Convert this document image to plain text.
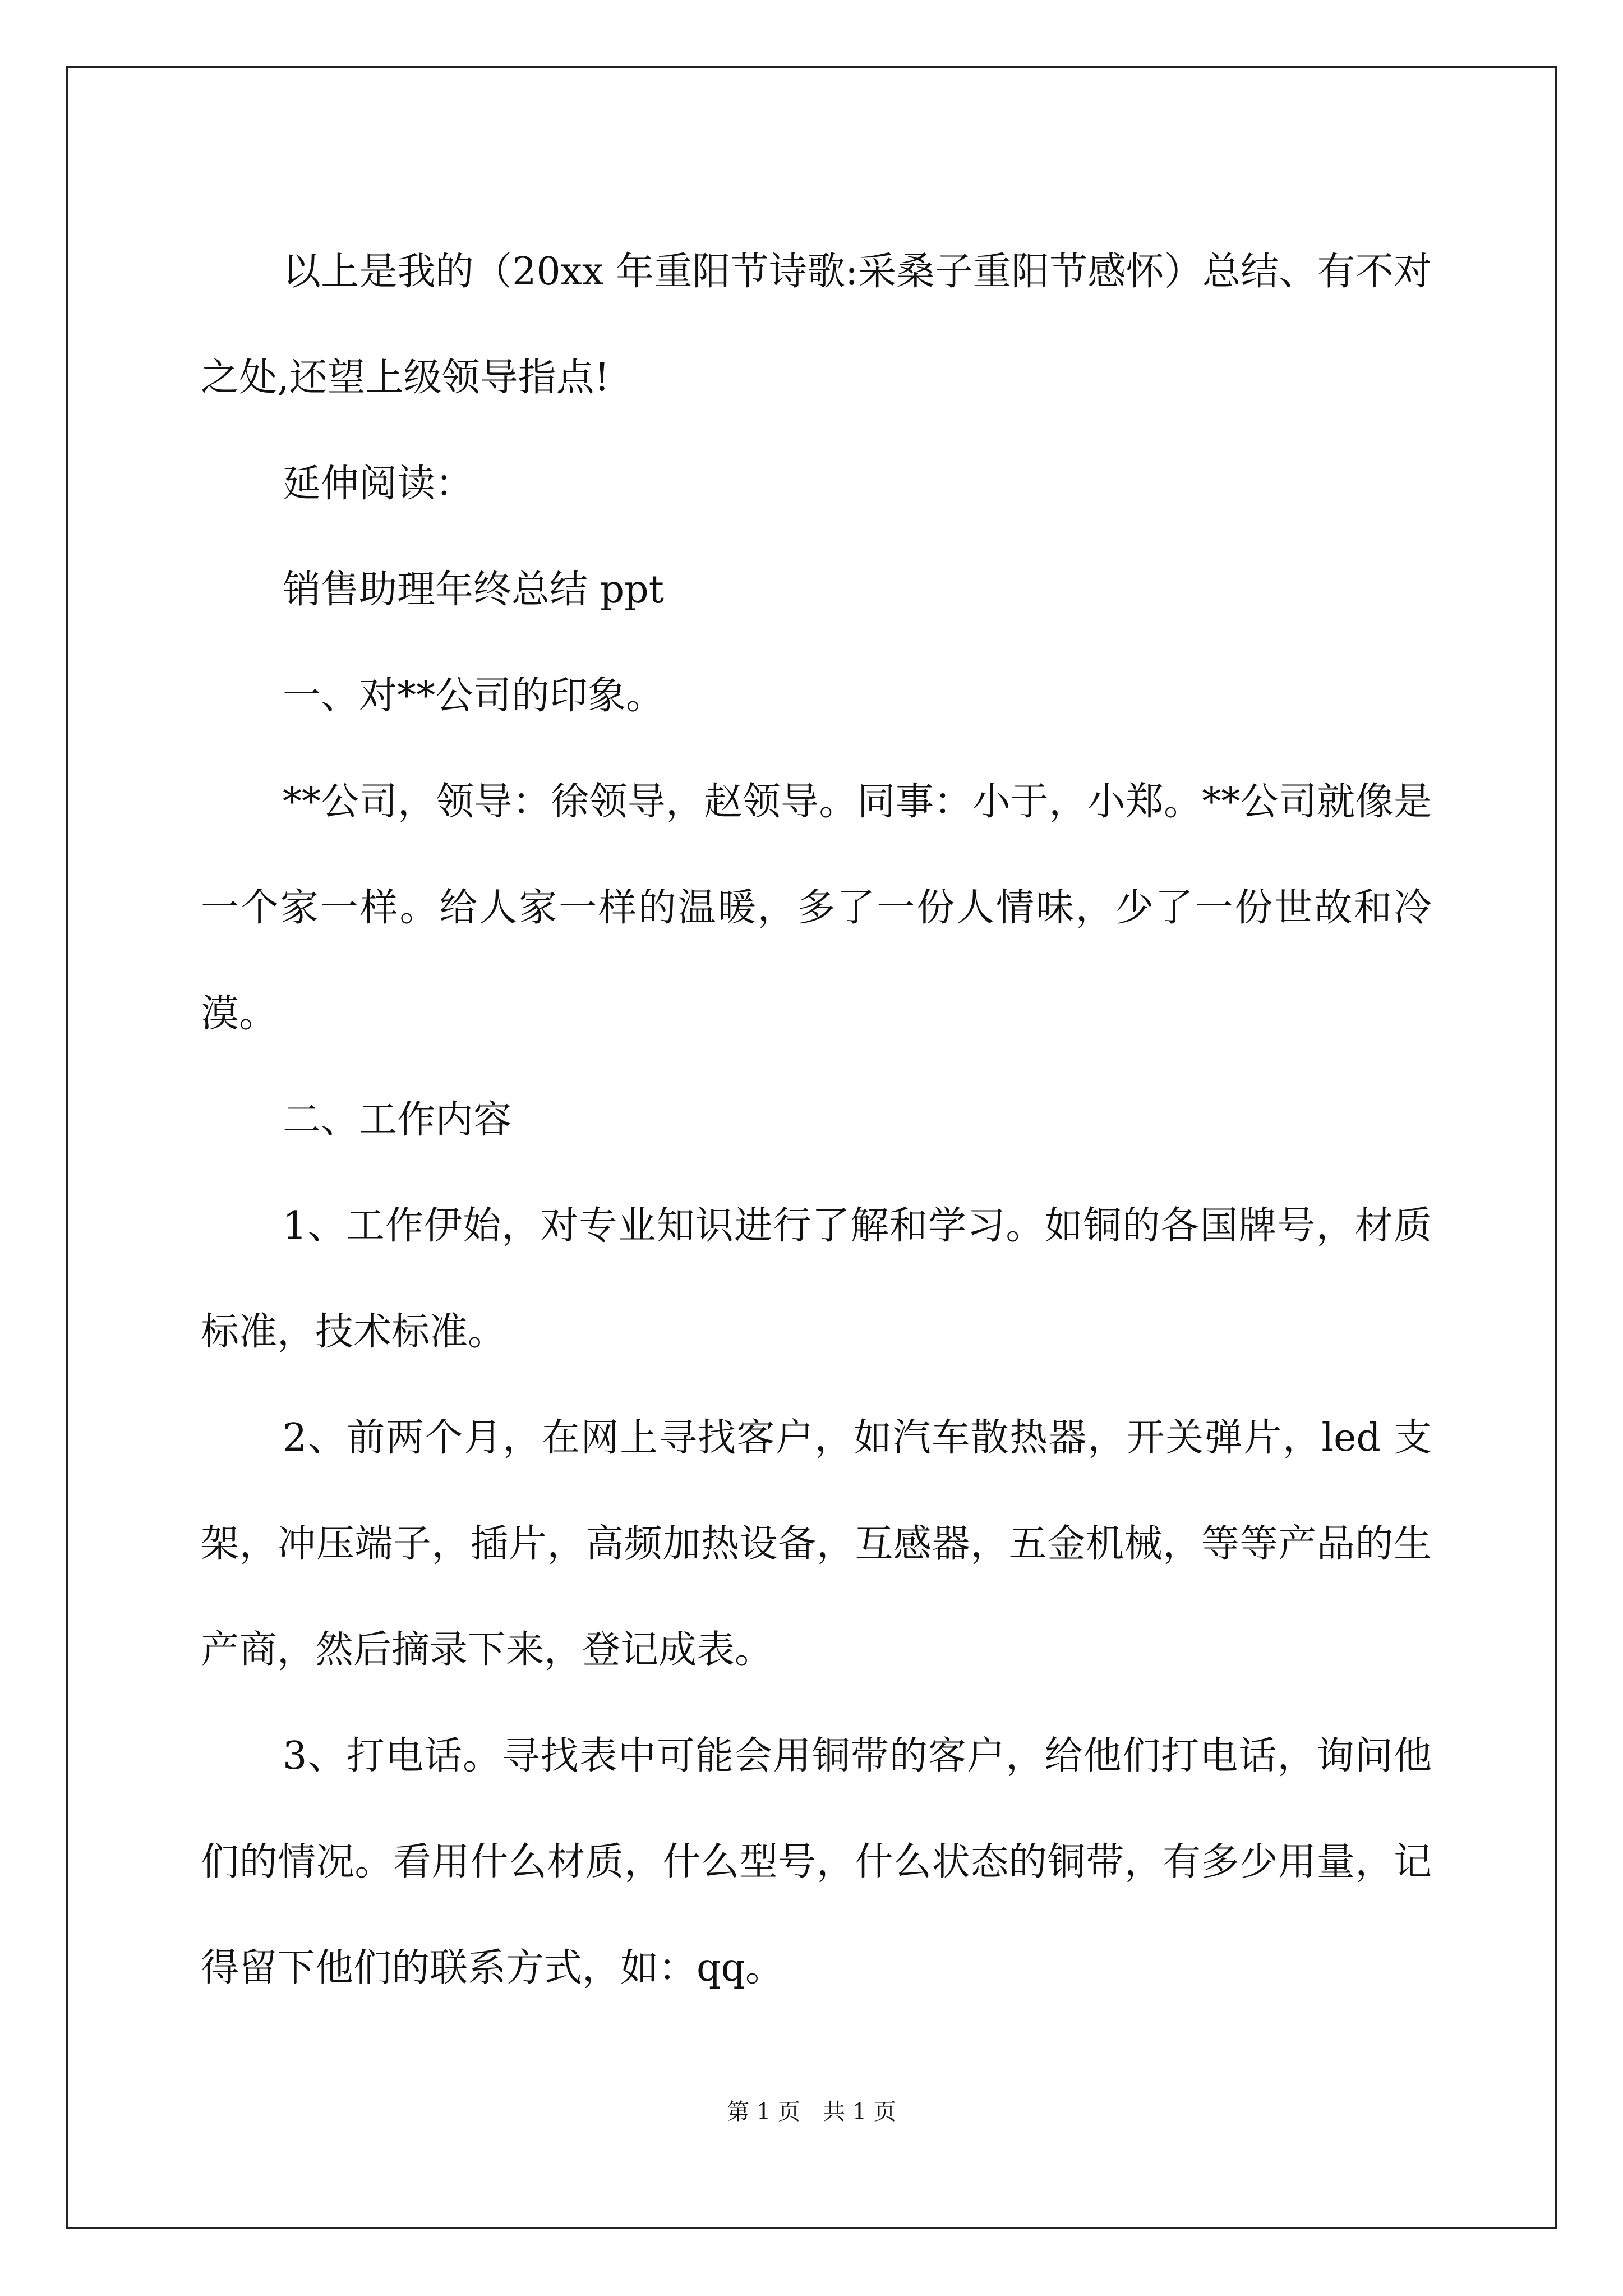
以上是我的（20xx 年重阳节诗歌:采桑子重阳节感怀）总结、有不对之处,还望上级领导指点!

延伸阅读：

销售助理年终总结 ppt

一、对**公司的印象。

**公司，领导：徐领导，赵领导。同事：小于，小郑。**公司就像是一个家一样。给人家一样的温暖，多了一份人情味，少了一份世故和冷漠。

二、工作内容

1、工作伊始，对专业知识进行了解和学习。如铜的各国牌号，材质标准，技术标准。

2、前两个月，在网上寻找客户，如汽车散热器，开关弹片，led 支架，冲压端子，插片，高频加热设备，互感器，五金机械，等等产品的生产商，然后摘录下来，登记成表。

3、打电话。寻找表中可能会用铜带的客户，给他们打电话，询问他们的情况。看用什么材质，什么型号，什么状态的铜带，有多少用量，记得留下他们的联系方式，如：qq。

第 1 页　共 1 页
